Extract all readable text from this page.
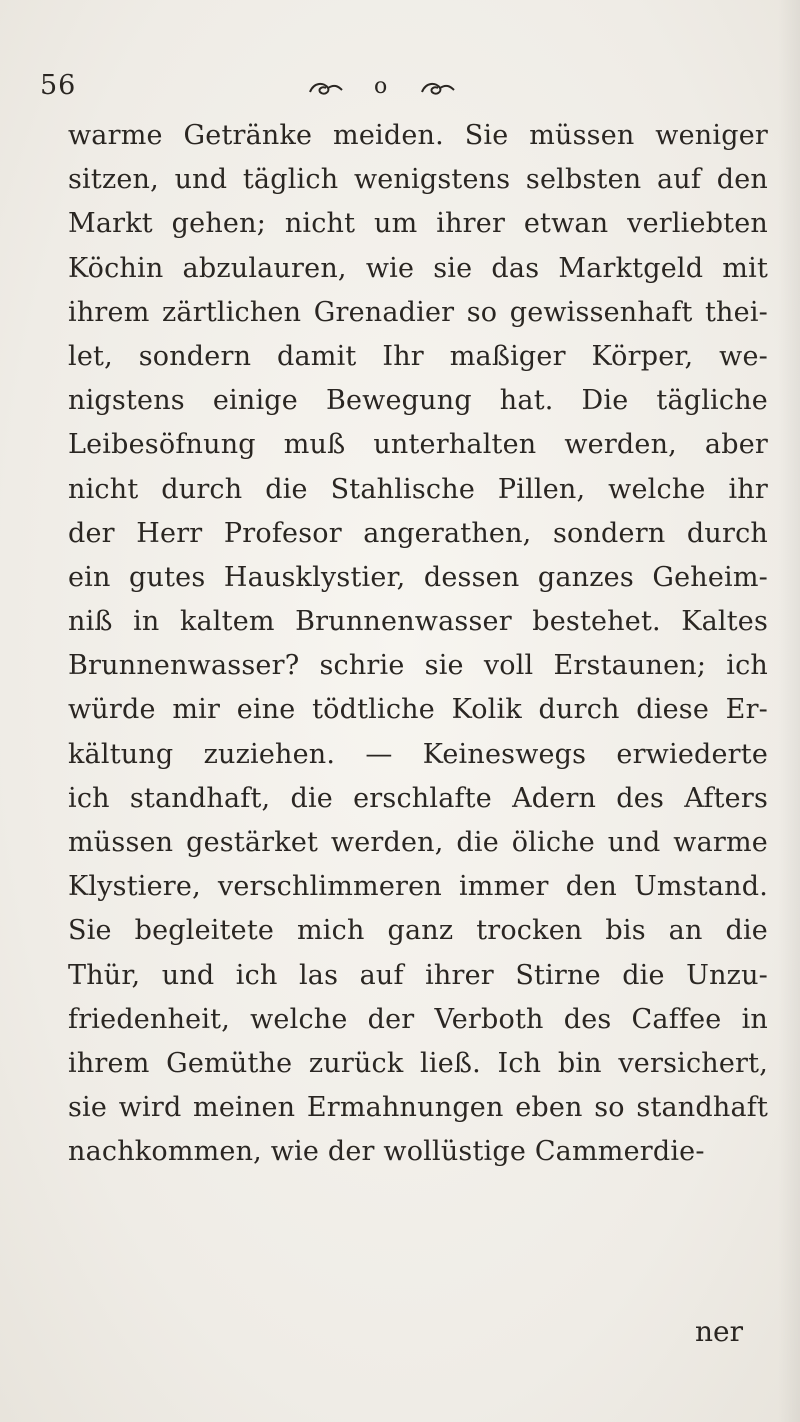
56	o
warme Getränke meiden. Sie müssen weniger
sitzen, und täglich wenigstens selbsten auf den
Markt gehen; nicht um ihrer etwan verliebten
Köchin abzulauren, wie sie das Marktgeld mit
ihrem zärtlichen Grenadier so gewissenhaft thei-
let, sondern damit Ihr maßiger Körper, we-
nigstens einige Bewegung hat. Die tägliche
Leibesöfnung muß unterhalten werden, aber
nicht durch die Stahlische Pillen, welche ihr
der Herr Profesor angerathen, sondern durch
ein gutes Hausklystier, dessen ganzes Geheim-
niß in kaltem Brunnenwasser bestehet. Kaltes
Brunnenwasser? schrie sie voll Erstaunen; ich
würde mir eine tödtliche Kolik durch diese Er-
kältung zuziehen. — Keineswegs erwiederte
ich standhaft, die erschlafte Adern des Afters
müssen gestärket werden, die öliche und warme
Klystiere, verschlimmeren immer den Umstand.
Sie begleitete mich ganz trocken bis an die
Thür, und ich las auf ihrer Stirne die Unzu-
friedenheit, welche der Verboth des Caffee in
ihrem Gemüthe zurück ließ. Ich bin versichert,
sie wird meinen Ermahnungen eben so standhaft
nachkommen, wie der wollüstige Cammerdie-
ner
